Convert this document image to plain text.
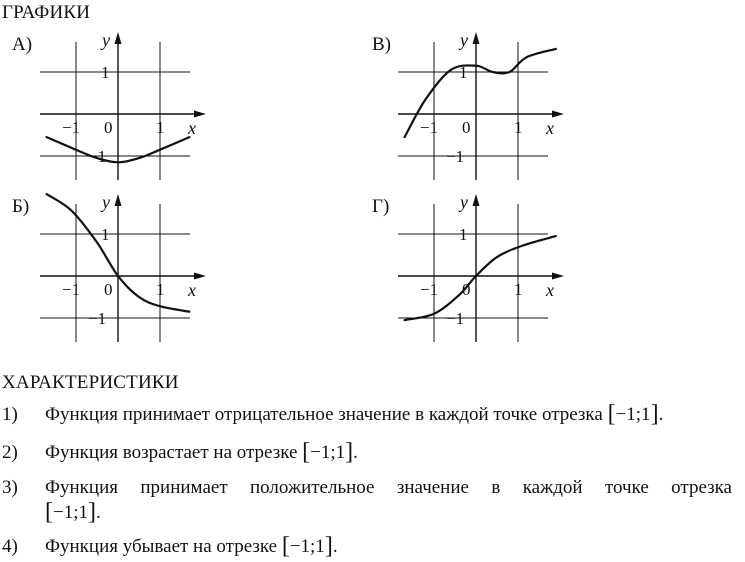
ГРАФИКИ
А)
−1 0	1
1
−1
x
y	В)
−1 0	1
1
−1
x
y
Б)
−1 0	1
1
−1
x
y	Г)
−1 0	1
1
−1
x
y
ХАРАКТЕРИСТИКИ
1) Функция принимает отрицательное значение в каждой точке отрезка [−1;1].
2) Функция возрастает на отрезке [−1;1].
3) Функция принимает положительное значение в каждой точке отрезка
[−1;1].
4) Функция убывает на отрезке [−1;1].
